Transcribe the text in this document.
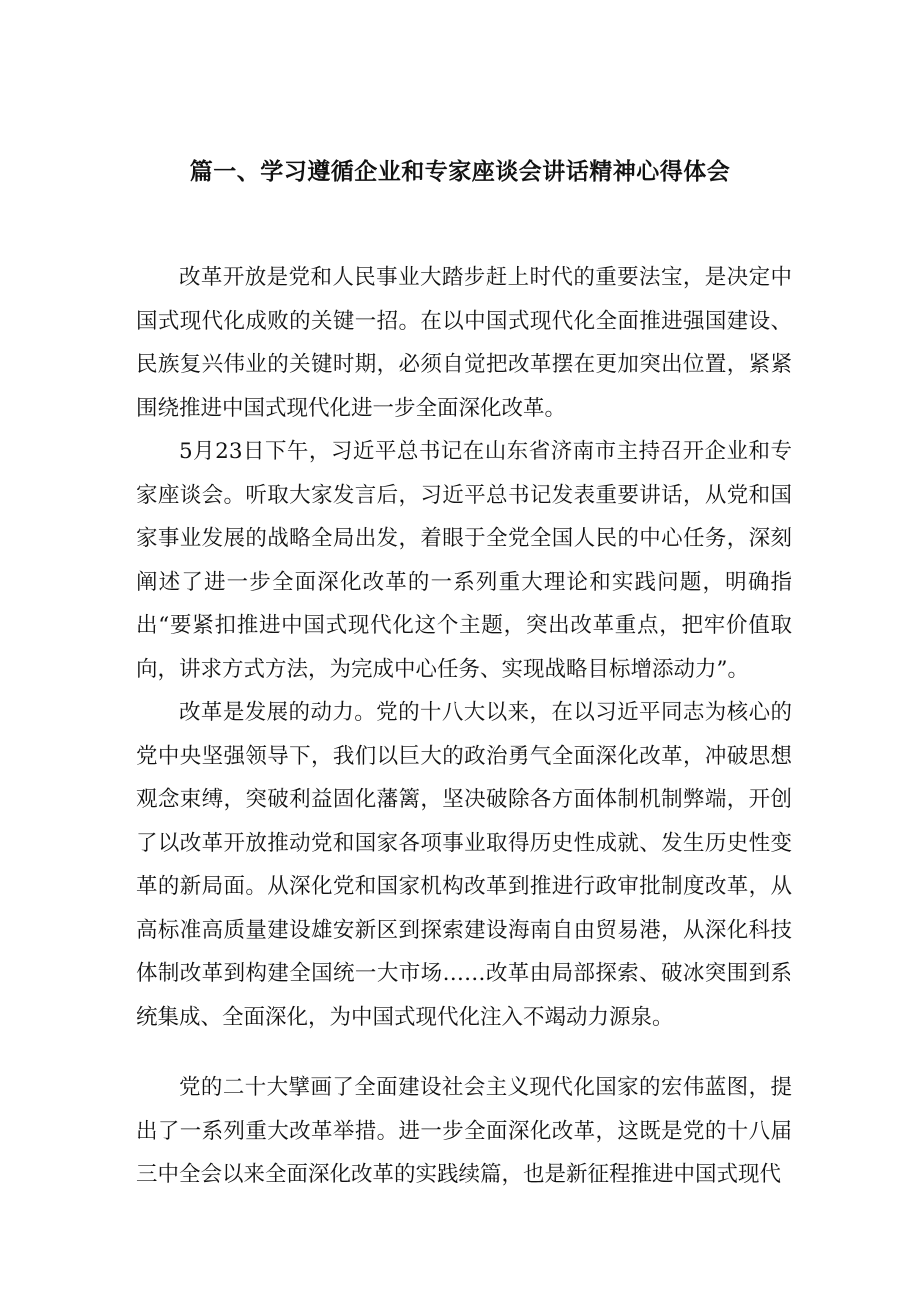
篇一、学习遵循企业和专家座谈会讲话精神心得体会

改革开放是党和人民事业大踏步赶上时代的重要法宝，是决定中国式现代化成败的关键一招。在以中国式现代化全面推进强国建设、民族复兴伟业的关键时期，必须自觉把改革摆在更加突出位置，紧紧围绕推进中国式现代化进一步全面深化改革。

5月23日下午，习近平总书记在山东省济南市主持召开企业和专家座谈会。听取大家发言后，习近平总书记发表重要讲话，从党和国家事业发展的战略全局出发，着眼于全党全国人民的中心任务，深刻阐述了进一步全面深化改革的一系列重大理论和实践问题，明确指出“要紧扣推进中国式现代化这个主题，突出改革重点，把牢价值取向，讲求方式方法，为完成中心任务、实现战略目标增添动力”。

改革是发展的动力。党的十八大以来，在以习近平同志为核心的党中央坚强领导下，我们以巨大的政治勇气全面深化改革，冲破思想观念束缚，突破利益固化藩篱，坚决破除各方面体制机制弊端，开创了以改革开放推动党和国家各项事业取得历史性成就、发生历史性变革的新局面。从深化党和国家机构改革到推进行政审批制度改革，从高标准高质量建设雄安新区到探索建设海南自由贸易港，从深化科技体制改革到构建全国统一大市场……改革由局部探索、破冰突围到系统集成、全面深化，为中国式现代化注入不竭动力源泉。

党的二十大擘画了全面建设社会主义现代化国家的宏伟蓝图，提出了一系列重大改革举措。进一步全面深化改革，这既是党的十八届三中全会以来全面深化改革的实践续篇，也是新征程推进中国式现代
